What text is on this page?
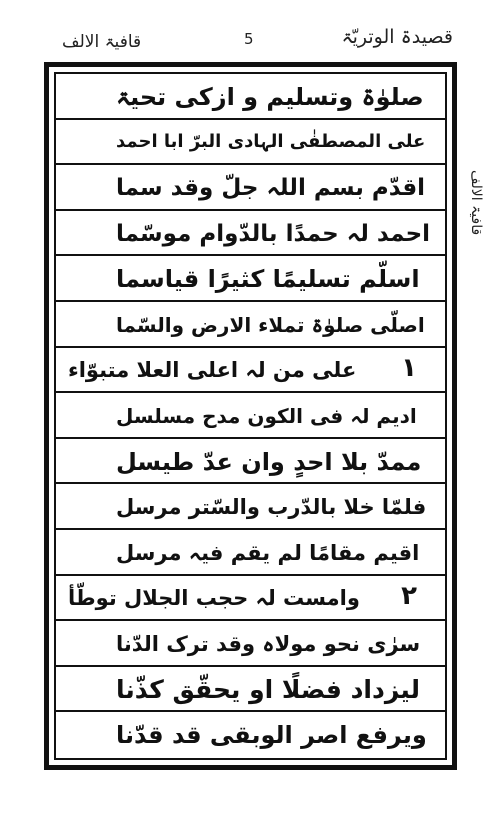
قصیدۃ الوتریّۃ
5
قافیۃ الالف
صلوٰۃ وتسلیم و ازکی تحیۃ
علی المصطفٰی الہادی البرّ ابا احمد
اقدّم بسم اللہ جلّ وقد سما
احمد لہ حمدًا بالدّوام موسّما
اسلّم تسلیمًا کثیرًا قیاسما
اصلّی صلوٰۃ تملاء الارض والسّما
علی من لہ اعلی العلا متبوّاء	١
ادیم لہ فی الکون مدح مسلسل
ممدّ بلا احدٍ وان عدّ طیسل
فلمّا خلا بالدّرب والسّتر مرسل
اقیم مقامًا لم یقم فیہ مرسل
وامست لہ حجب الجلال توطّأ ٢
سرٰی نحو مولاہ وقد ترک الدّنا
لیزداد فضلًا او یحقّق کذّنا
ویرفع اصر الوبقی قد قدّنا
قافیۃ الالف
